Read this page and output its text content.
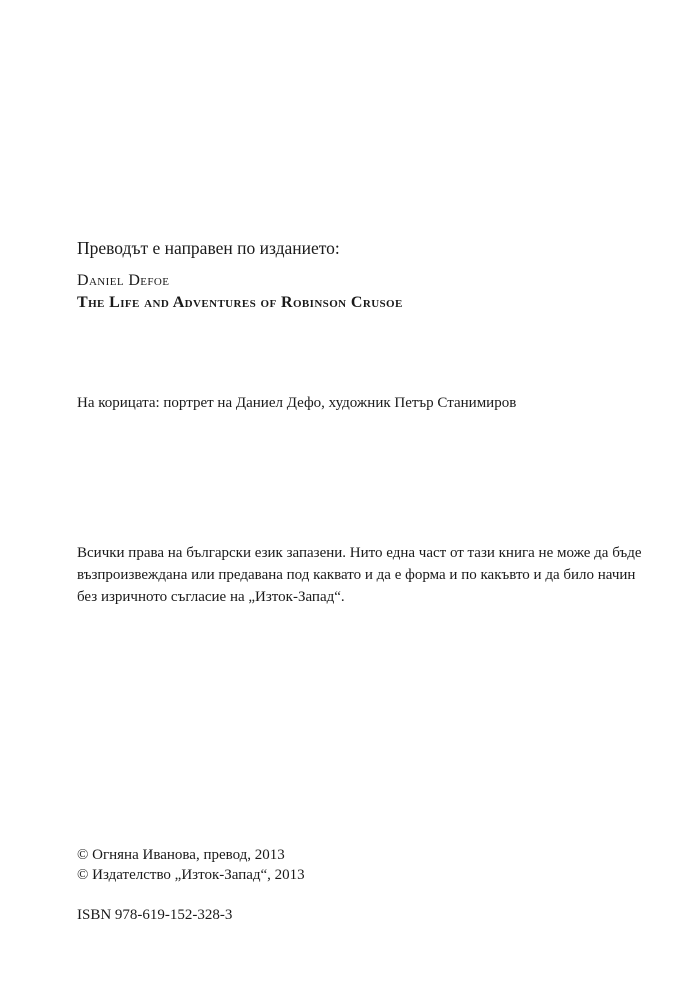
Преводът е направен по изданието:
Daniel Defoe
The Life and Adventures of Robinson Crusoe
На корицата: портрет на Даниел Дефо, художник Петър Станимиров

Всички права на български език запазени. Нито една част от тази книга не може да бъде

възпроизвеждана или предавана под каквато и да е форма и по какъвто и да било начин

без изричното съгласие на „Изток-Запад“.

© Огняна Иванова, превод, 2013
© Издателство „Изток-Запад“, 2013
ISBN 978-619-152-328-3
